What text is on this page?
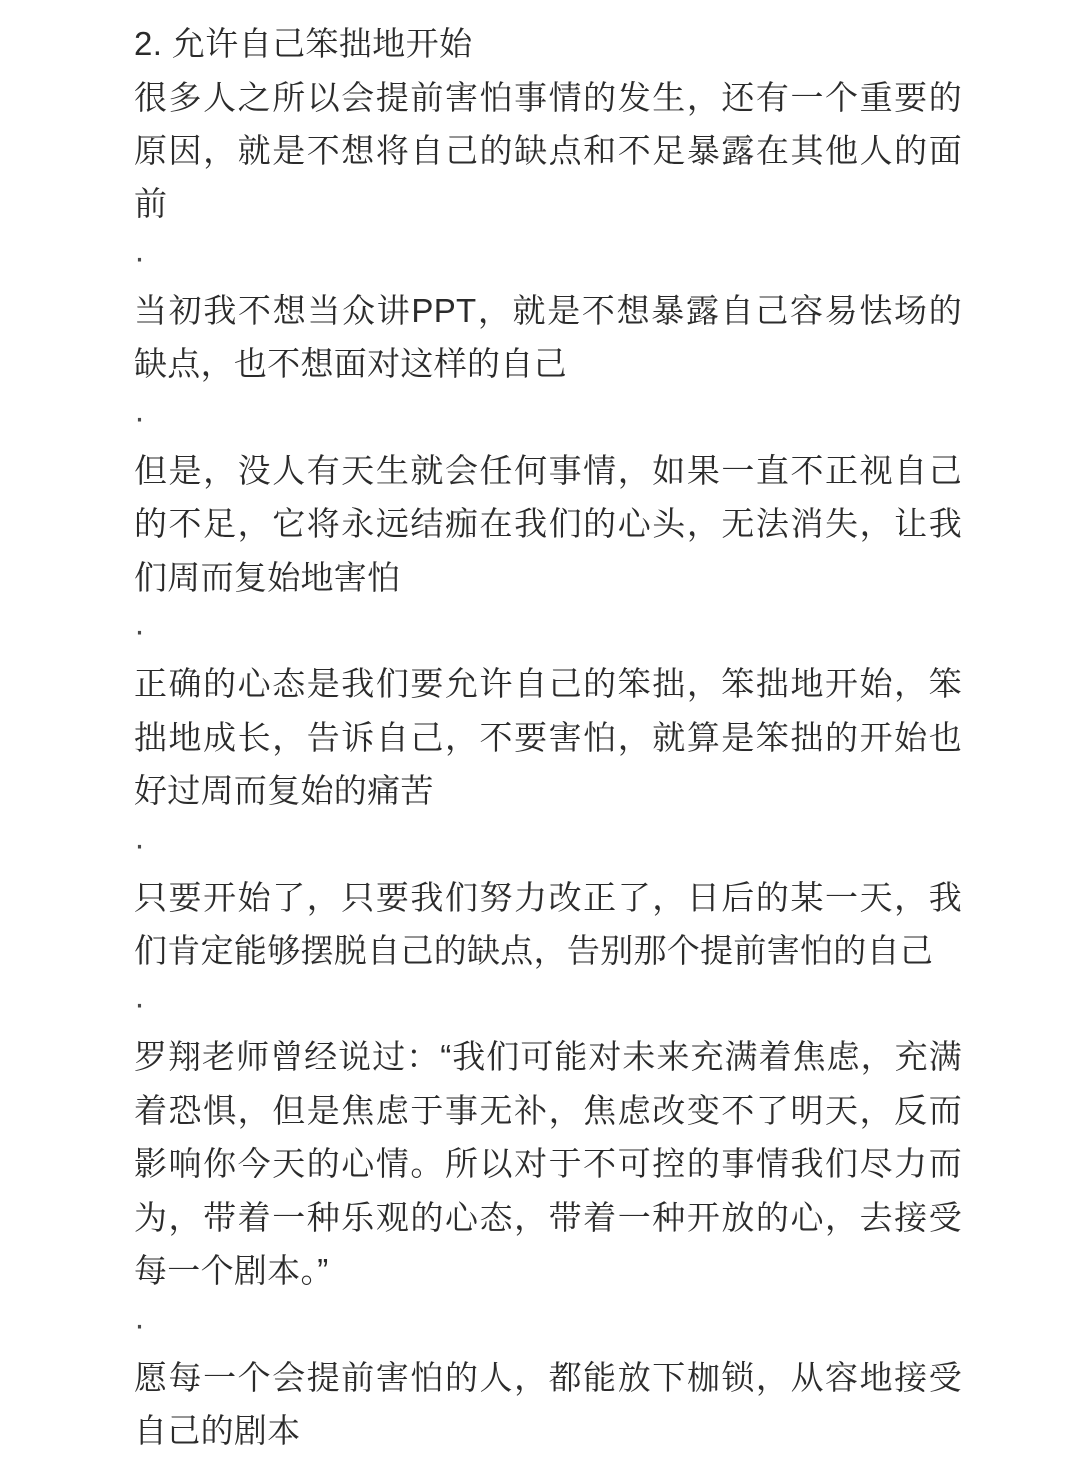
2. 允许自己笨拙地开始

很多人之所以会提前害怕事情的发生，还有一个重要的原因，就是不想将自己的缺点和不足暴露在其他人的面前

·

当初我不想当众讲PPT，就是不想暴露自己容易怯场的缺点，也不想面对这样的自己

·

但是，没人有天生就会任何事情，如果一直不正视自己的不足，它将永远结痂在我们的心头，无法消失，让我们周而复始地害怕

·

正确的心态是我们要允许自己的笨拙，笨拙地开始，笨拙地成长，告诉自己，不要害怕，就算是笨拙的开始也好过周而复始的痛苦

·

只要开始了，只要我们努力改正了，日后的某一天，我们肯定能够摆脱自己的缺点，告别那个提前害怕的自己

·

罗翔老师曾经说过：“我们可能对未来充满着焦虑，充满着恐惧，但是焦虑于事无补，焦虑改变不了明天，反而影响你今天的心情。所以对于不可控的事情我们尽力而为，带着一种乐观的心态，带着一种开放的心，去接受每一个剧本。”

·

愿每一个会提前害怕的人，都能放下枷锁，从容地接受自己的剧本
